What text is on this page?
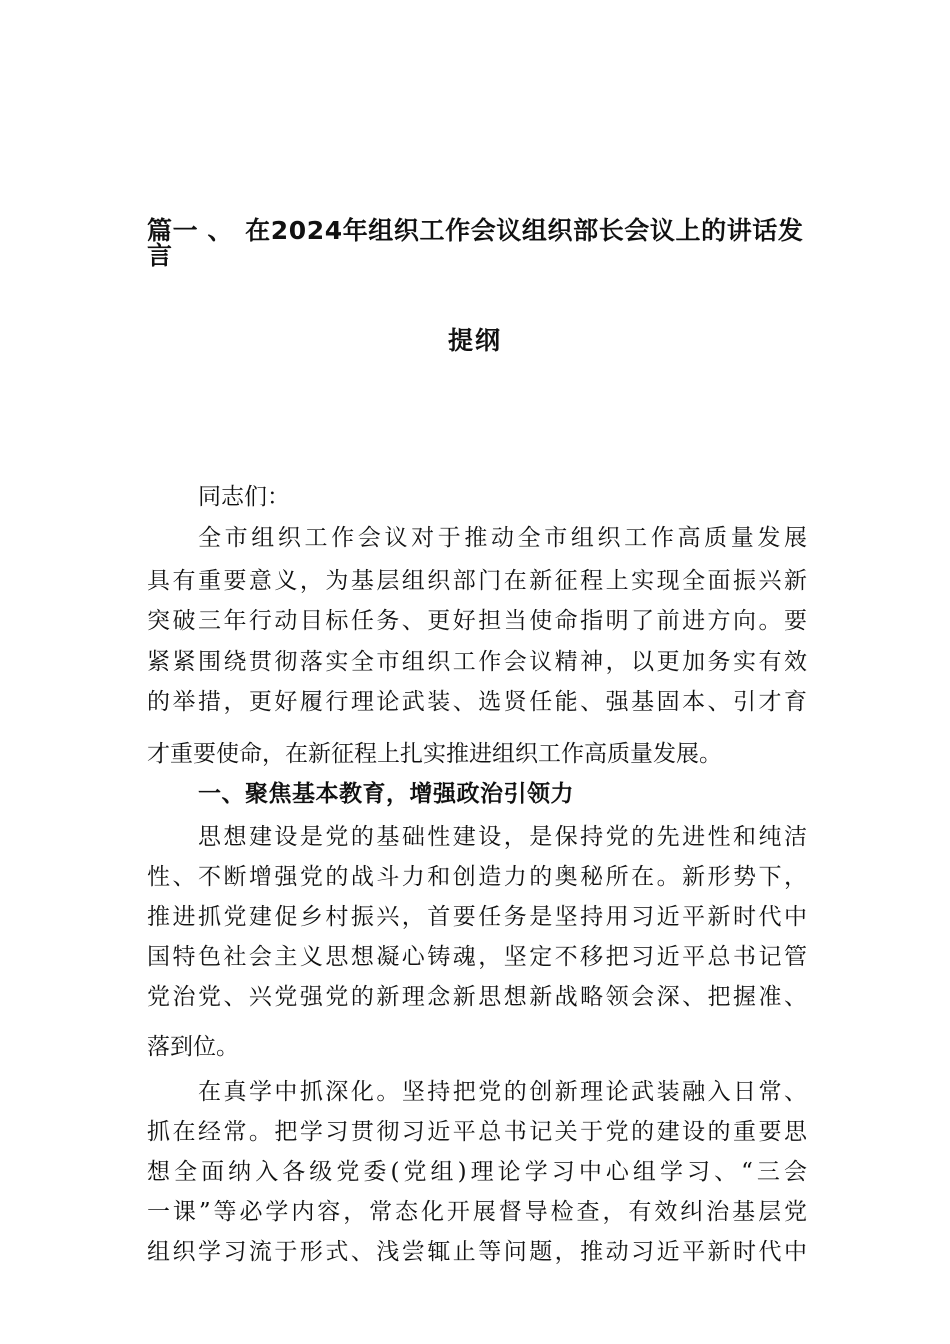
篇一 、 在2024年组织工作会议组织部长会议上的讲话发言
提纲

同志们：

全市组织工作会议对于推动全市组织工作高质量发展

具有重要意义，为基层组织部门在新征程上实现全面振兴新

突破三年行动目标任务、更好担当使命指明了前进方向。要

紧紧围绕贯彻落实全市组织工作会议精神，以更加务实有效

的举措，更好履行理论武装、选贤任能、强基固本、引才育

才重要使命，在新征程上扎实推进组织工作高质量发展。

一、聚焦基本教育，增强政治引领力

思想建设是党的基础性建设，是保持党的先进性和纯洁

性、不断增强党的战斗力和创造力的奥秘所在。新形势下，

推进抓党建促乡村振兴，首要任务是坚持用习近平新时代中

国特色社会主义思想凝心铸魂，坚定不移把习近平总书记管

党治党、兴党强党的新理念新思想新战略领会深、把握准、

落到位。

在真学中抓深化。坚持把党的创新理论武装融入日常、

抓在经常。把学习贯彻习近平总书记关于党的建设的重要思

想全面纳入各级党委(党组)理论学习中心组学习、“三会

一课”等必学内容，常态化开展督导检查，有效纠治基层党

组织学习流于形式、浅尝辄止等问题，推动习近平新时代中
